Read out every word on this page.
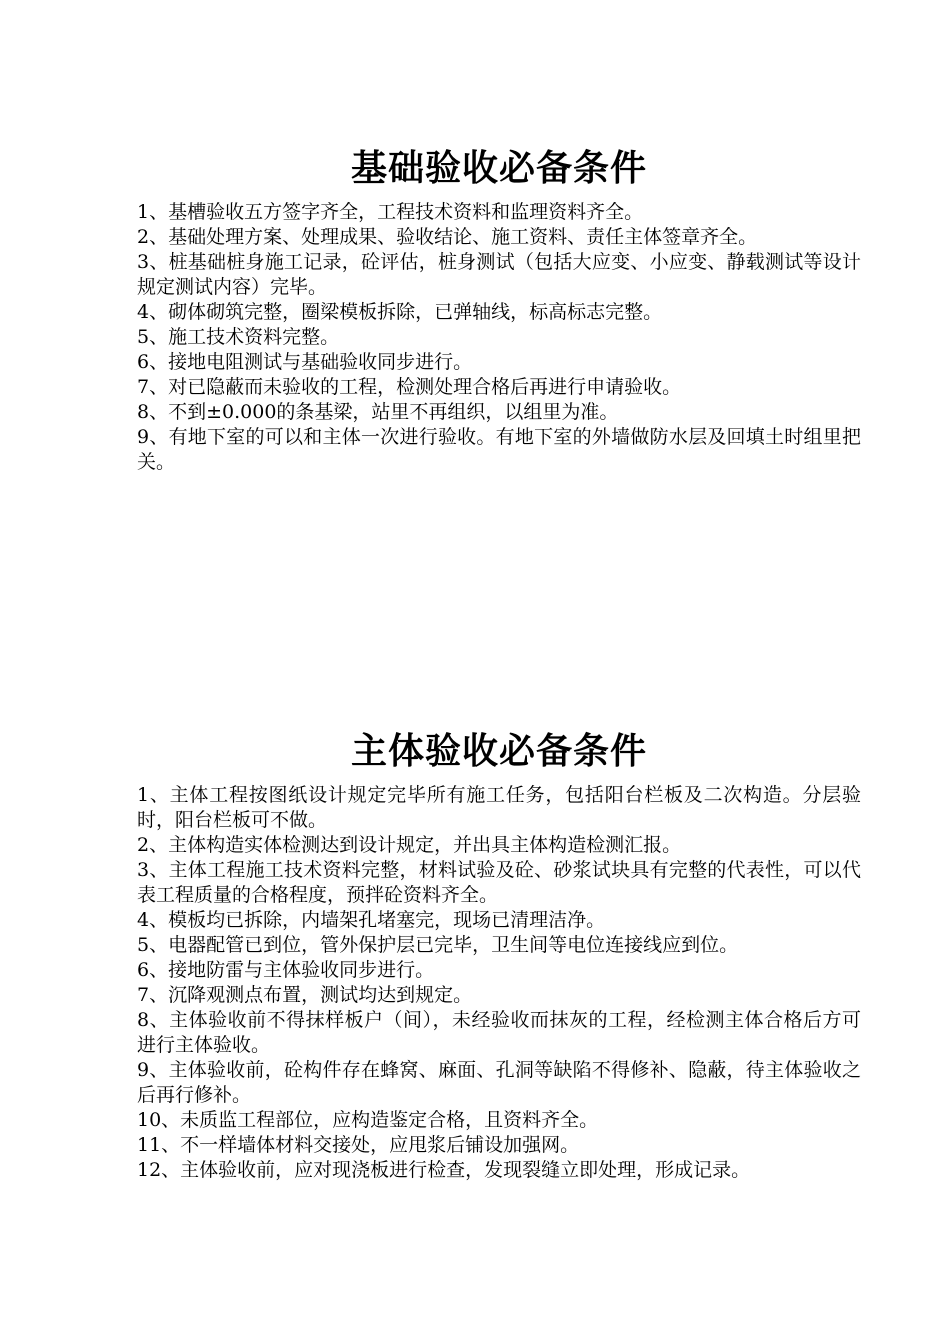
基础验收必备条件
1、基槽验收五方签字齐全，工程技术资料和监理资料齐全。
2、基础处理方案、处理成果、验收结论、施工资料、责任主体签章齐全。
3、桩基础桩身施工记录，砼评估，桩身测试（包括大应变、小应变、静载测试等设计规定测试内容）完毕。
4、砌体砌筑完整，圈梁模板拆除，已弹轴线，标高标志完整。
5、施工技术资料完整。
6、接地电阻测试与基础验收同步进行。
7、对已隐蔽而未验收的工程，检测处理合格后再进行申请验收。
8、不到±0.000的条基梁，站里不再组织，以组里为准。
9、有地下室的可以和主体一次进行验收。有地下室的外墙做防水层及回填土时组里把关。
主体验收必备条件
1、主体工程按图纸设计规定完毕所有施工任务，包括阳台栏板及二次构造。分层验时，阳台栏板可不做。
2、主体构造实体检测达到设计规定，并出具主体构造检测汇报。
3、主体工程施工技术资料完整，材料试验及砼、砂浆试块具有完整的代表性，可以代表工程质量的合格程度，预拌砼资料齐全。
4、模板均已拆除，内墙架孔堵塞完，现场已清理洁净。
5、电器配管已到位，管外保护层已完毕，卫生间等电位连接线应到位。
6、接地防雷与主体验收同步进行。
7、沉降观测点布置，测试均达到规定。
8、主体验收前不得抹样板户（间），未经验收而抹灰的工程，经检测主体合格后方可进行主体验收。
9、主体验收前，砼构件存在蜂窝、麻面、孔洞等缺陷不得修补、隐蔽，待主体验收之后再行修补。
10、未质监工程部位，应构造鉴定合格，且资料齐全。
11、不一样墙体材料交接处，应甩浆后铺设加强网。
12、主体验收前，应对现浇板进行检查，发现裂缝立即处理，形成记录。
